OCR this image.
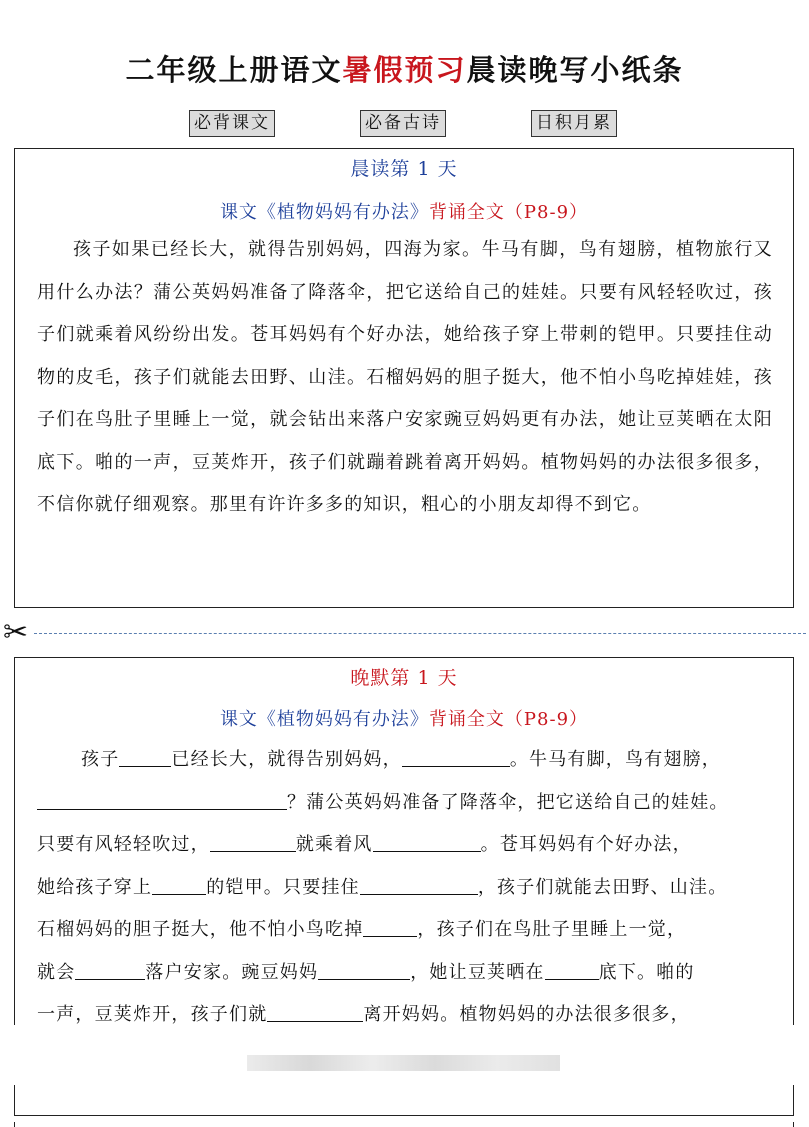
二年级上册语文暑假预习晨读晚写小纸条
必背课文	必备古诗	日积月累
晨读第 1 天
课文《植物妈妈有办法》背诵全文（P8-9）
孩子如果已经长大，就得告别妈妈，四海为家。牛马有脚，鸟有翅膀，植物旅行又用什么办法？蒲公英妈妈准备了降落伞，把它送给自己的娃娃。只要有风轻轻吹过，孩子们就乘着风纷纷出发。苍耳妈妈有个好办法，她给孩子穿上带刺的铠甲。只要挂住动物的皮毛，孩子们就能去田野、山洼。石榴妈妈的胆子挺大，他不怕小鸟吃掉娃娃，孩子们在鸟肚子里睡上一觉，就会钻出来落户安家豌豆妈妈更有办法，她让豆荚晒在太阳底下。啪的一声，豆荚炸开，孩子们就蹦着跳着离开妈妈。植物妈妈的办法很多很多，不信你就仔细观察。那里有许许多多的知识，粗心的小朋友却得不到它。
✂
晚默第 1 天
课文《植物妈妈有办法》背诵全文（P8-9）
孩子	已经长大，就得告别妈妈，	。牛马有脚，鸟有翅膀，
？蒲公英妈妈准备了降落伞，把它送给自己的娃娃。
只要有风轻轻吹过，	就乘着风	。苍耳妈妈有个好办法，
她给孩子穿上	的铠甲。只要挂住	，孩子们就能去田野、山洼。
石榴妈妈的胆子挺大，他不怕小鸟吃掉	，孩子们在鸟肚子里睡上一觉，
就会	落户安家。豌豆妈妈	，她让豆荚晒在	底下。啪的
一声，豆荚炸开，孩子们就	离开妈妈。植物妈妈的办法很多很多，
